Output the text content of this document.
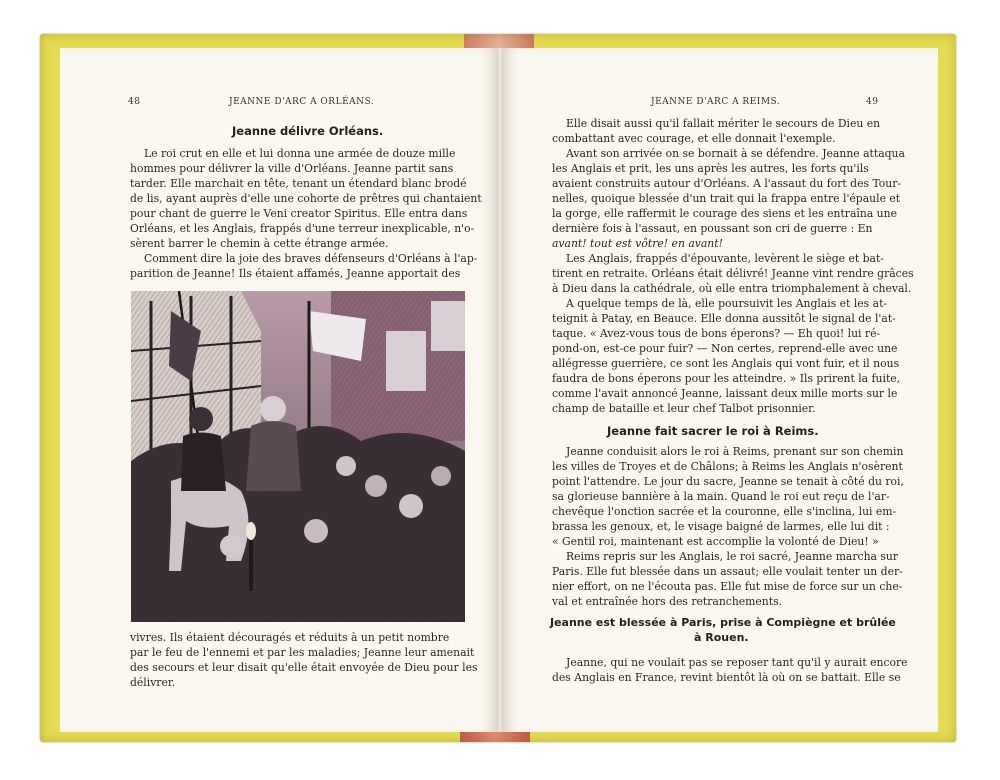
48	JEANNE D'ARC A ORLÉANS.
Jeanne délivre Orléans.
Le roi crut en elle et lui donna une armée de douze mille
hommes pour délivrer la ville d'Orléans. Jeanne partit sans
tarder. Elle marchait en tête, tenant un étendard blanc brodé
de lis, ayant auprès d'elle une cohorte de prêtres qui chantaient
pour chant de guerre le Veni creator Spiritus. Elle entra dans
Orléans, et les Anglais, frappés d'une terreur inexplicable, n'o-
sèrent barrer le chemin à cette étrange armée.
Comment dire la joie des braves défenseurs d'Orléans à l'ap-
parition de Jeanne! Ils étaient affamés, Jeanne apportait des
vivres. Ils étaient découragés et réduits à un petit nombre
par le feu de l'ennemi et par les maladies; Jeanne leur amenait
des secours et leur disait qu'elle était envoyée de Dieu pour les
délivrer.
JEANNE D'ARC A REIMS.	49
Elle disait aussi qu'il fallait mériter le secours de Dieu en
combattant avec courage, et elle donnait l'exemple.
Avant son arrivée on se bornait à se défendre. Jeanne attaqua
les Anglais et prit, les uns après les autres, les forts qu'ils
avaient construits autour d'Orléans. A l'assaut du fort des Tour-
nelles, quoique blessée d'un trait qui la frappa entre l'épaule et
la gorge, elle raffermit le courage des siens et les entraîna une
dernière fois à l'assaut, en poussant son cri de guerre : En
avant! tout est vôtre! en avant!
Les Anglais, frappés d'épouvante, levèrent le siège et bat-
tirent en retraite. Orléans était délivré! Jeanne vint rendre grâces
à Dieu dans la cathédrale, où elle entra triomphalement à cheval.
A quelque temps de là, elle poursuivit les Anglais et les at-
teignit à Patay, en Beauce. Elle donna aussitôt le signal de l'at-
taque. « Avez-vous tous de bons éperons? — Eh quoi! lui ré-
pond-on, est-ce pour fuir? — Non certes, reprend-elle avec une
allégresse guerrière, ce sont les Anglais qui vont fuir, et il nous
faudra de bons éperons pour les atteindre. » Ils prirent la fuite,
comme l'avait annoncé Jeanne, laissant deux mille morts sur le
champ de bataille et leur chef Talbot prisonnier.
Jeanne fait sacrer le roi à Reims.
Jeanne conduisit alors le roi à Reims, prenant sur son chemin
les villes de Troyes et de Châlons; à Reims les Anglais n'osèrent
point l'attendre. Le jour du sacre, Jeanne se tenait à côté du roi,
sa glorieuse bannière à la main. Quand le roi eut reçu de l'ar-
chevêque l'onction sacrée et la couronne, elle s'inclina, lui em-
brassa les genoux, et, le visage baigné de larmes, elle lui dit :
« Gentil roi, maintenant est accomplie la volonté de Dieu! »
Reims repris sur les Anglais, le roi sacré, Jeanne marcha sur
Paris. Elle fut blessée dans un assaut; elle voulait tenter un der-
nier effort, on ne l'écouta pas. Elle fut mise de force sur un che-
val et entraînée hors des retranchements.
Jeanne est blessée à Paris, prise à Compiègne et brûlée
à Rouen.
Jeanne, qui ne voulait pas se reposer tant qu'il y aurait encore
des Anglais en France, revint bientôt là où on se battait. Elle se
